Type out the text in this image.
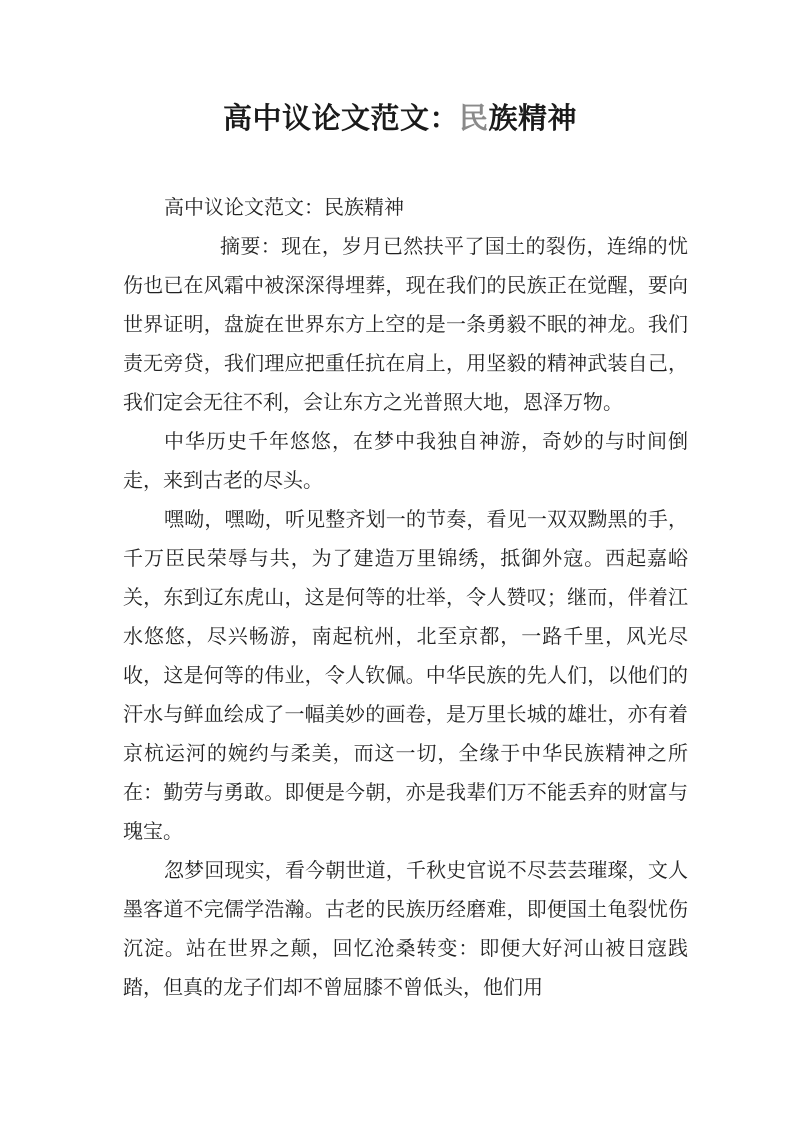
高中议论文范文：民族精神

高中议论文范文：民族精神

摘要：现在，岁月已然扶平了国土的裂伤，连绵的忧伤也已在风霜中被深深得埋葬，现在我们的民族正在觉醒，要向世界证明，盘旋在世界东方上空的是一条勇毅不眠的神龙。我们责无旁贷，我们理应把重任抗在肩上，用坚毅的精神武装自己，我们定会无往不利，会让东方之光普照大地，恩泽万物。

中华历史千年悠悠，在梦中我独自神游，奇妙的与时间倒走，来到古老的尽头。

嘿呦，嘿呦，听见整齐划一的节奏，看见一双双黝黑的手，千万臣民荣辱与共，为了建造万里锦绣，抵御外寇。西起嘉峪关，东到辽东虎山，这是何等的壮举，令人赞叹；继而，伴着江水悠悠，尽兴畅游，南起杭州，北至京都，一路千里，风光尽收，这是何等的伟业，令人钦佩。中华民族的先人们，以他们的汗水与鲜血绘成了一幅美妙的画卷，是万里长城的雄壮，亦有着京杭运河的婉约与柔美，而这一切，全缘于中华民族精神之所在：勤劳与勇敢。即便是今朝，亦是我辈们万不能丢弃的财富与瑰宝。

忽梦回现实，看今朝世道，千秋史官说不尽芸芸璀璨，文人墨客道不完儒学浩瀚。古老的民族历经磨难，即便国土龟裂忧伤沉淀。站在世界之颠，回忆沧桑转变：即便大好河山被日寇践踏，但真的龙子们却不曾屈膝不曾低头，他们用
